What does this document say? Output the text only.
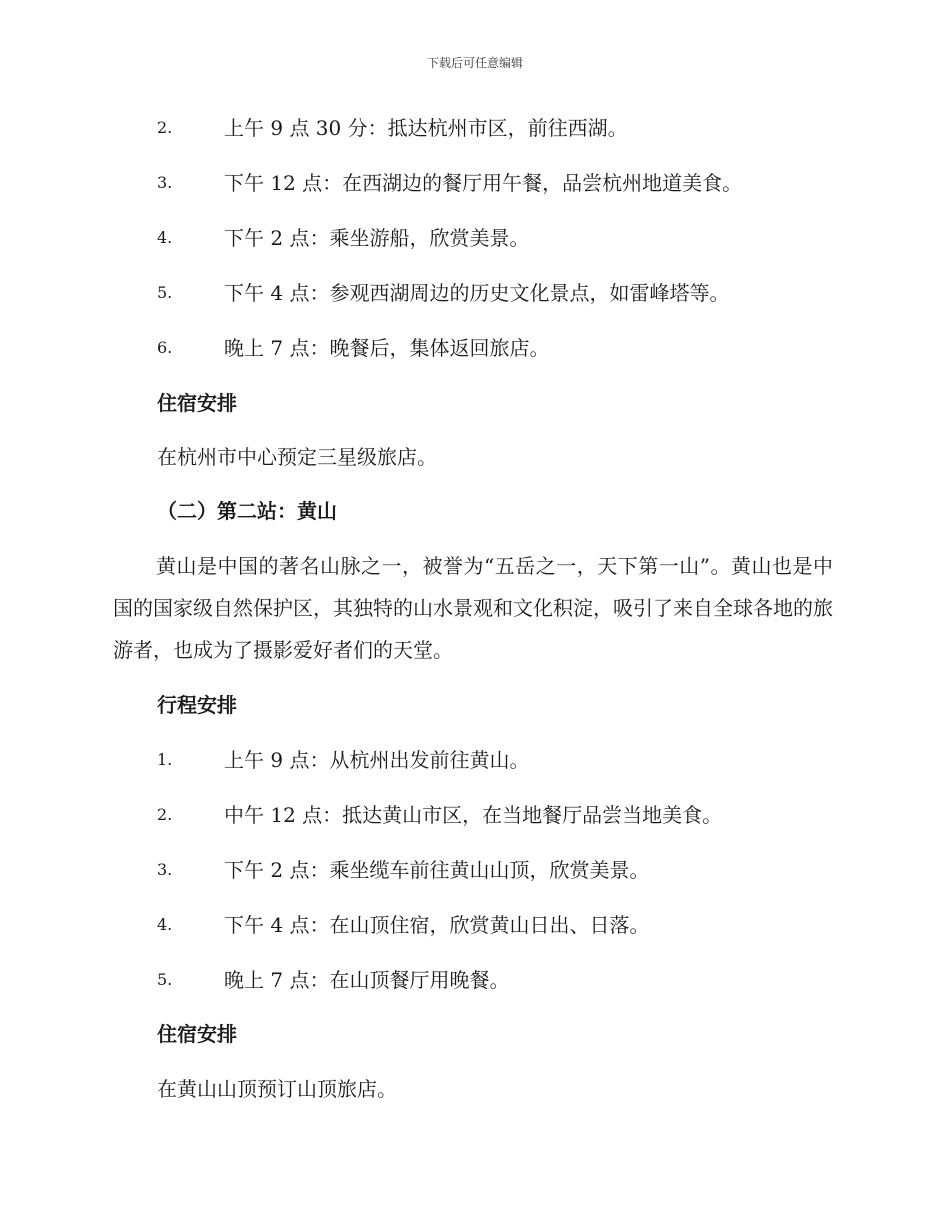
下载后可任意编辑
2.	上午 9 点 30 分：抵达杭州市区，前往西湖。
3.	下午 12 点：在西湖边的餐厅用午餐，品尝杭州地道美食。
4.	下午 2 点：乘坐游船，欣赏美景。
5.	下午 4 点：参观西湖周边的历史文化景点，如雷峰塔等。
6.	晚上 7 点：晚餐后，集体返回旅店。
住宿安排
在杭州市中心预定三星级旅店。
（二）第二站：黄山
黄山是中国的著名山脉之一，被誉为“五岳之一，天下第一山”。黄山也是中国的国家级自然保护区，其独特的山水景观和文化积淀，吸引了来自全球各地的旅游者，也成为了摄影爱好者们的天堂。
行程安排
1.	上午 9 点：从杭州出发前往黄山。
2.	中午 12 点：抵达黄山市区，在当地餐厅品尝当地美食。
3.	下午 2 点：乘坐缆车前往黄山山顶，欣赏美景。
4.	下午 4 点：在山顶住宿，欣赏黄山日出、日落。
5.	晚上 7 点：在山顶餐厅用晚餐。
住宿安排
在黄山山顶预订山顶旅店。
